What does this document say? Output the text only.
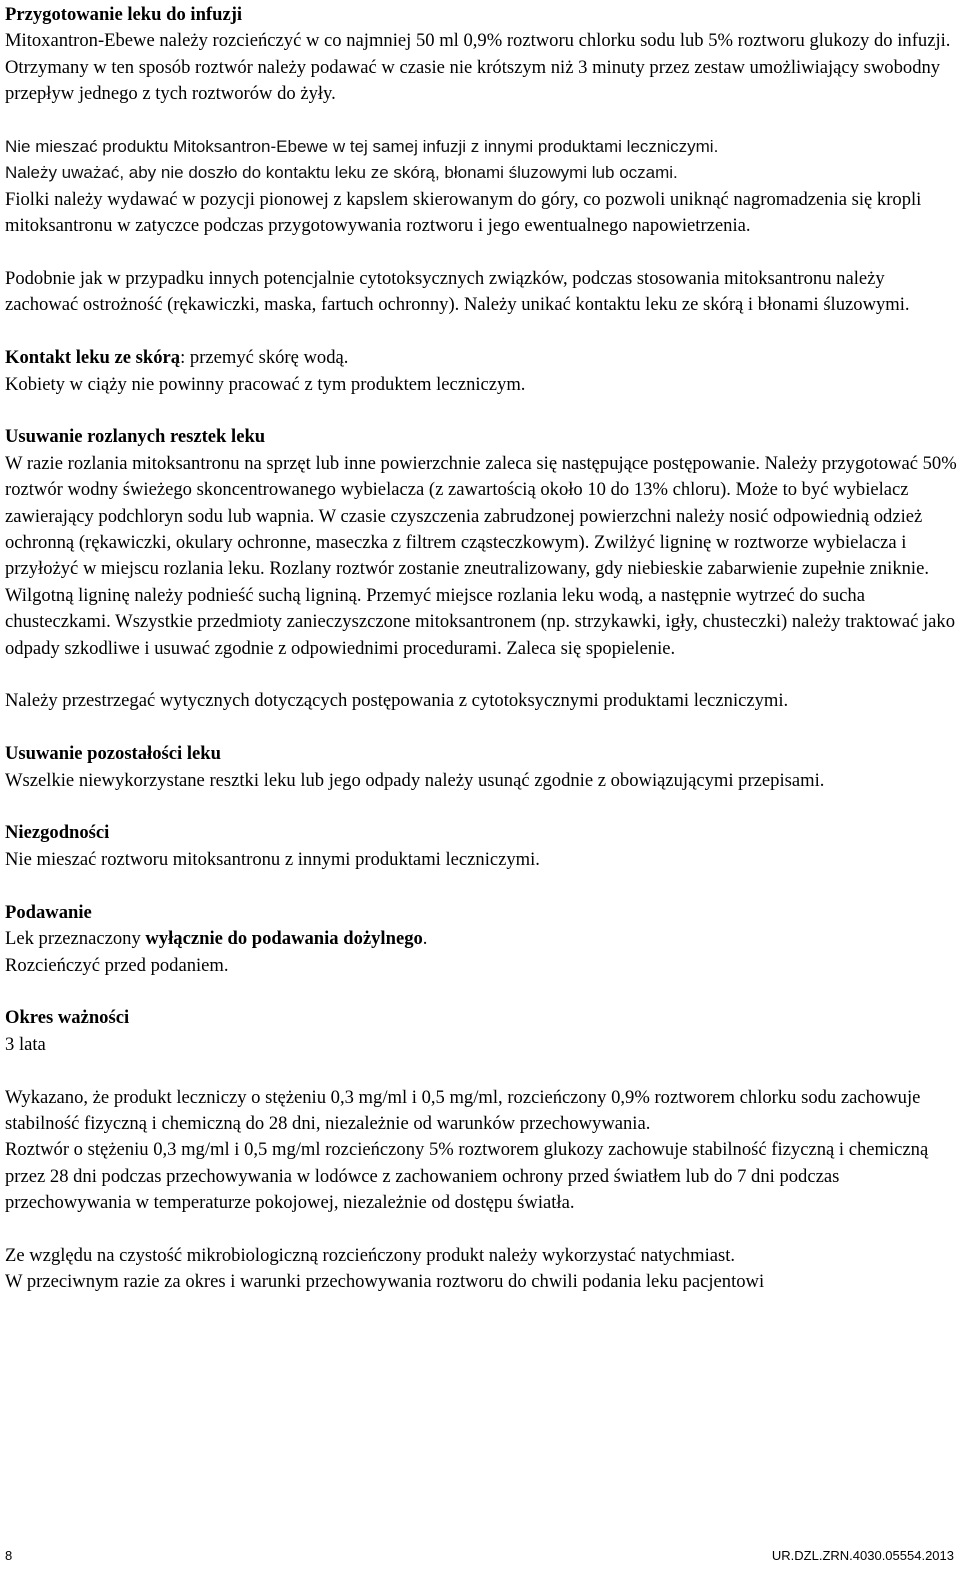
Przygotowanie leku do infuzji

Mitoxantron-Ebewe należy rozcieńczyć w co najmniej 50 ml 0,9% roztworu chlorku sodu lub 5% roztworu glukozy do infuzji. Otrzymany w ten sposób roztwór należy podawać w czasie nie krótszym niż 3 minuty przez zestaw umożliwiający swobodny przepływ jednego z tych roztworów do żyły.

Nie mieszać produktu Mitoksantron-Ebewe w tej samej infuzji z innymi produktami leczniczymi.

Należy uważać, aby nie doszło do kontaktu leku ze skórą, błonami śluzowymi lub oczami.

Fiolki należy wydawać w pozycji pionowej z kapslem skierowanym do góry, co pozwoli uniknąć nagromadzenia się kropli mitoksantronu w zatyczce podczas przygotowywania roztworu i jego ewentualnego napowietrzenia.

Podobnie jak w przypadku innych potencjalnie cytotoksycznych związków, podczas stosowania mitoksantronu należy zachować ostrożność (rękawiczki, maska, fartuch ochronny). Należy unikać kontaktu leku ze skórą i błonami śluzowymi.

Kontakt leku ze skórą: przemyć skórę wodą.

Kobiety w ciąży nie powinny pracować z tym produktem leczniczym.

Usuwanie rozlanych resztek leku

W razie rozlania mitoksantronu na sprzęt lub inne powierzchnie zaleca się następujące postępowanie. Należy przygotować 50% roztwór wodny świeżego skoncentrowanego wybielacza (z zawartością około 10 do 13% chloru). Może to być wybielacz zawierający podchloryn sodu lub wapnia. W czasie czyszczenia zabrudzonej powierzchni należy nosić odpowiednią odzież ochronną (rękawiczki, okulary ochronne, maseczka z filtrem cząsteczkowym). Zwilżyć ligninę w roztworze wybielacza i przyłożyć w miejscu rozlania leku. Rozlany roztwór zostanie zneutralizowany, gdy niebieskie zabarwienie zupełnie zniknie. Wilgotną ligninę należy podnieść suchą ligniną. Przemyć miejsce rozlania leku wodą, a następnie wytrzeć do sucha chusteczkami. Wszystkie przedmioty zanieczyszczone mitoksantronem (np. strzykawki, igły, chusteczki) należy traktować jako odpady szkodliwe i usuwać zgodnie z odpowiednimi procedurami. Zaleca się spopielenie.

Należy przestrzegać wytycznych dotyczących postępowania z cytotoksycznymi produktami leczniczymi.

Usuwanie pozostałości leku

Wszelkie niewykorzystane resztki leku lub jego odpady należy usunąć zgodnie z obowiązującymi przepisami.

Niezgodności

Nie mieszać roztworu mitoksantronu z innymi produktami leczniczymi.

Podawanie

Lek przeznaczony wyłącznie do podawania dożylnego.

Rozcieńczyć przed podaniem.

Okres ważności

3 lata

Wykazano, że produkt leczniczy o stężeniu 0,3 mg/ml i 0,5 mg/ml, rozcieńczony 0,9% roztworem chlorku sodu zachowuje stabilność fizyczną i chemiczną do 28 dni, niezależnie od warunków przechowywania.

Roztwór o stężeniu 0,3 mg/ml i 0,5 mg/ml rozcieńczony 5% roztworem glukozy zachowuje stabilność fizyczną i chemiczną przez 28 dni podczas przechowywania w lodówce z zachowaniem ochrony przed światłem lub do 7 dni podczas przechowywania w temperaturze pokojowej, niezależnie od dostępu światła.

Ze względu na czystość mikrobiologiczną rozcieńczony produkt należy wykorzystać natychmiast.

W przeciwnym razie za okres i warunki przechowywania roztworu do chwili podania leku pacjentowi

8	UR.DZL.ZRN.4030.05554.2013
